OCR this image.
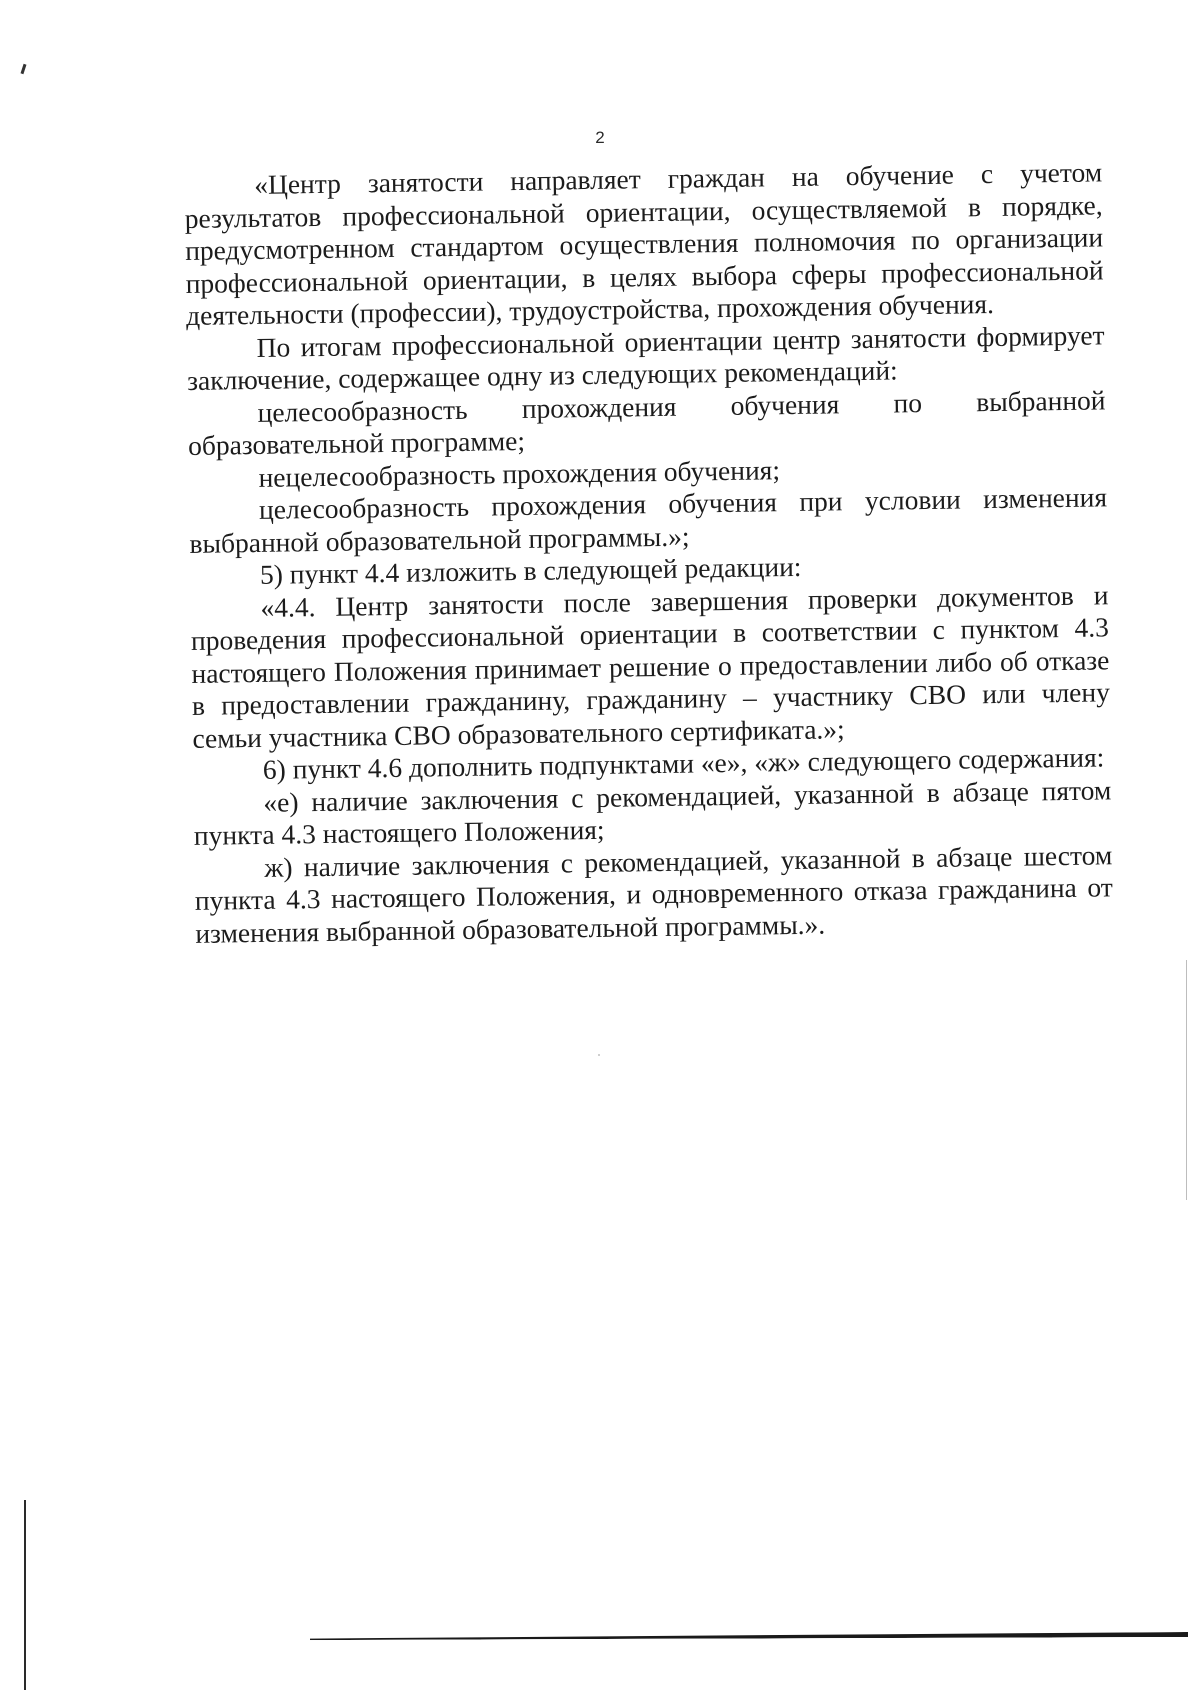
2

«Центр занятости направляет граждан на обучение с учетом результатов профессиональной ориентации, осуществляемой в порядке, предусмотренном стандартом осуществления полномочия по организации профессиональной ориентации, в целях выбора сферы профессиональной деятельности (профессии), трудоустройства, прохождения обучения.

По итогам профессиональной ориентации центр занятости формирует заключение, содержащее одну из следующих рекомендаций:

целесообразность прохождения обучения по выбранной образовательной программе;

нецелесообразность прохождения обучения;

целесообразность прохождения обучения при условии изменения выбранной образовательной программы.»;

5) пункт 4.4 изложить в следующей редакции:

«4.4. Центр занятости после завершения проверки документов и проведения профессиональной ориентации в соответствии с пунктом 4.3 настоящего Положения принимает решение о предоставлении либо об отказе в предоставлении гражданину, гражданину – участнику СВО или члену семьи участника СВО образовательного сертификата.»;

6) пункт 4.6 дополнить подпунктами «е», «ж» следующего содержания:

«е) наличие заключения с рекомендацией, указанной в абзаце пятом пункта 4.3 настоящего Положения;

ж) наличие заключения с рекомендацией, указанной в абзаце шестом пункта 4.3 настоящего Положения, и одновременного отказа гражданина от изменения выбранной образовательной программы.».
